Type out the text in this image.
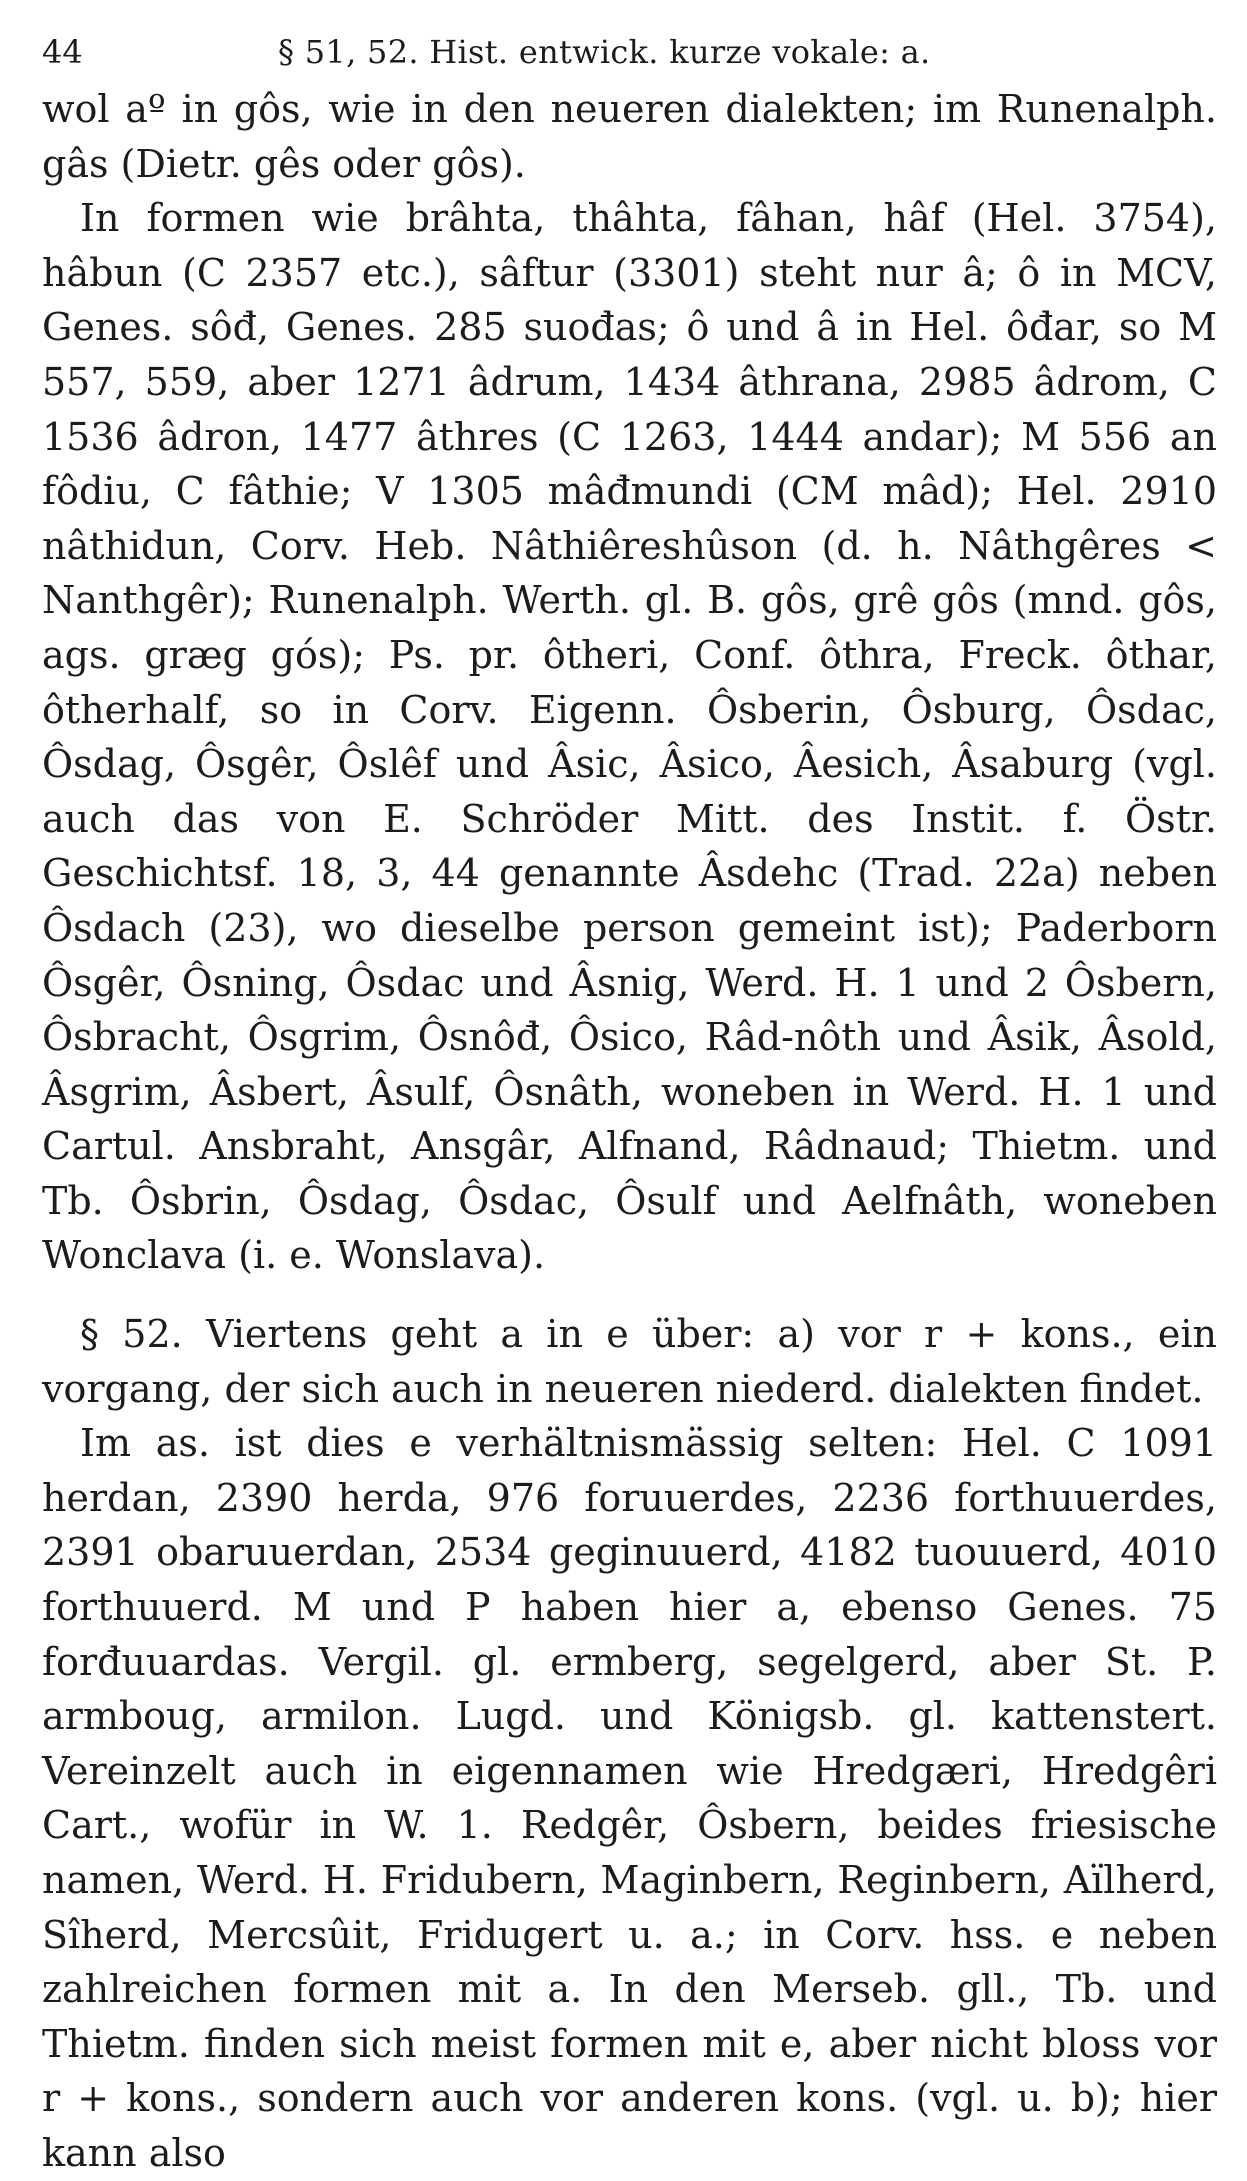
44	§ 51, 52. Hist. entwick. kurze vokale: a.

wol aº in gôs, wie in den neueren dialekten; im Runenalph. gâs (Dietr. gês oder gôs).

In formen wie brâhta, thâhta, fâhan, hâf (Hel. 3754), hâbun (C 2357 etc.), sâftur (3301) steht nur â; ô in MCV, Genes. sôđ, Genes. 285 suođas; ô und â in Hel. ôđar, so M 557, 559, aber 1271 âdrum, 1434 âthrana, 2985 âdrom, C 1536 âdron, 1477 âthres (C 1263, 1444 andar); M 556 an fôdiu, C fâthie; V 1305 mâđmundi (CM mâd); Hel. 2910 nâthidun, Corv. Heb. Nâthiêreshûson (d. h. Nâthgêres < Nanthgêr); Runenalph. Werth. gl. B. gôs, grê gôs (mnd. gôs, ags. græg gós); Ps. pr. ôtheri, Conf. ôthra, Freck. ôthar, ôtherhalf, so in Corv. Eigenn. Ôsberin, Ôsburg, Ôsdac, Ôsdag, Ôsgêr, Ôslêf und Âsic, Âsico, Âesich, Âsaburg (vgl. auch das von E. Schröder Mitt. des Instit. f. Östr. Geschichtsf. 18, 3, 44 genannte Âsdehc (Trad. 22a) neben Ôsdach (23), wo dieselbe person gemeint ist); Paderborn Ôsgêr, Ôsning, Ôsdac und Âsnig, Werd. H. 1 und 2 Ôsbern, Ôsbracht, Ôsgrim, Ôsnôđ, Ôsico, Râd-nôth und Âsik, Âsold, Âsgrim, Âsbert, Âsulf, Ôsnâth, woneben in Werd. H. 1 und Cartul. Ansbraht, Ansgâr, Alfnand, Râdnaud; Thietm. und Tb. Ôsbrin, Ôsdag, Ôsdac, Ôsulf und Aelfnâth, woneben Wonclava (i. e. Wonslava).

§ 52. Viertens geht a in e über: a) vor r + kons., ein vorgang, der sich auch in neueren niederd. dialekten findet.

Im as. ist dies e verhältnismässig selten: Hel. C 1091 herdan, 2390 herda, 976 foruuerdes, 2236 forthuuerdes, 2391 obaruuerdan, 2534 geginuuerd, 4182 tuouuerd, 4010 forthuuerd. M und P haben hier a, ebenso Genes. 75 forđuuardas. Vergil. gl. ermberg, segelgerd, aber St. P. armboug, armilon. Lugd. und Königsb. gl. kattenstert. Vereinzelt auch in eigennamen wie Hredgæri, Hredgêri Cart., wofür in W. 1. Redgêr, Ôsbern, beides friesische namen, Werd. H. Fridubern, Maginbern, Reginbern, Aïlherd, Sîherd, Mercsûit, Fridugert u. a.; in Corv. hss. e neben zahlreichen formen mit a. In den Merseb. gll., Tb. und Thietm. finden sich meist formen mit e, aber nicht bloss vor r + kons., sondern auch vor anderen kons. (vgl. u. b); hier kann also
